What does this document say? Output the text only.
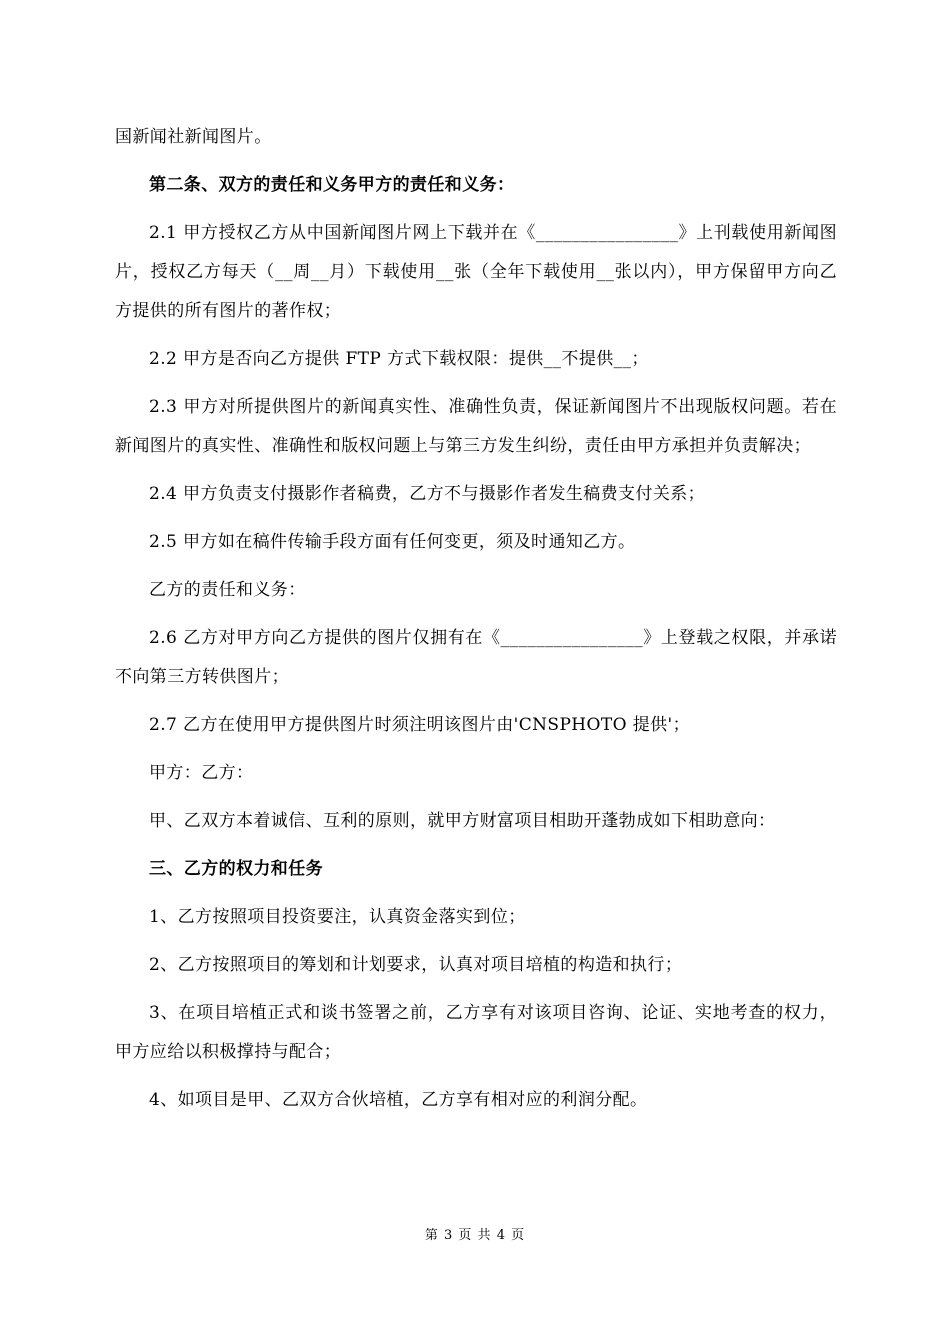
国新闻社新闻图片。

第二条、双方的责任和义务甲方的责任和义务：

2.1 甲方授权乙方从中国新闻图片网上下载并在《________________》上刊载使用新闻图片，授权乙方每天（__周__月）下载使用__张（全年下载使用__张以内），甲方保留甲方向乙方提供的所有图片的著作权；

2.2 甲方是否向乙方提供 FTP 方式下载权限：提供__不提供__；

2.3 甲方对所提供图片的新闻真实性、准确性负责，保证新闻图片不出现版权问题。若在新闻图片的真实性、准确性和版权问题上与第三方发生纠纷，责任由甲方承担并负责解决；

2.4 甲方负责支付摄影作者稿费，乙方不与摄影作者发生稿费支付关系；

2.5 甲方如在稿件传输手段方面有任何变更，须及时通知乙方。

乙方的责任和义务：

2.6 乙方对甲方向乙方提供的图片仅拥有在《________________》上登载之权限，并承诺不向第三方转供图片；

2.7 乙方在使用甲方提供图片时须注明该图片由'CNSPHOTO 提供'；

甲方：乙方：

甲、乙双方本着诚信、互利的原则，就甲方财富项目相助开蓬勃成如下相助意向：

三、乙方的权力和任务

1、乙方按照项目投资要注，认真资金落实到位；

2、乙方按照项目的筹划和计划要求，认真对项目培植的构造和执行；

3、在项目培植正式和谈书签署之前，乙方享有对该项目咨询、论证、实地考查的权力，甲方应给以积极撑持与配合；

4、如项目是甲、乙双方合伙培植，乙方享有相对应的利润分配。

第 3 页 共 4 页
